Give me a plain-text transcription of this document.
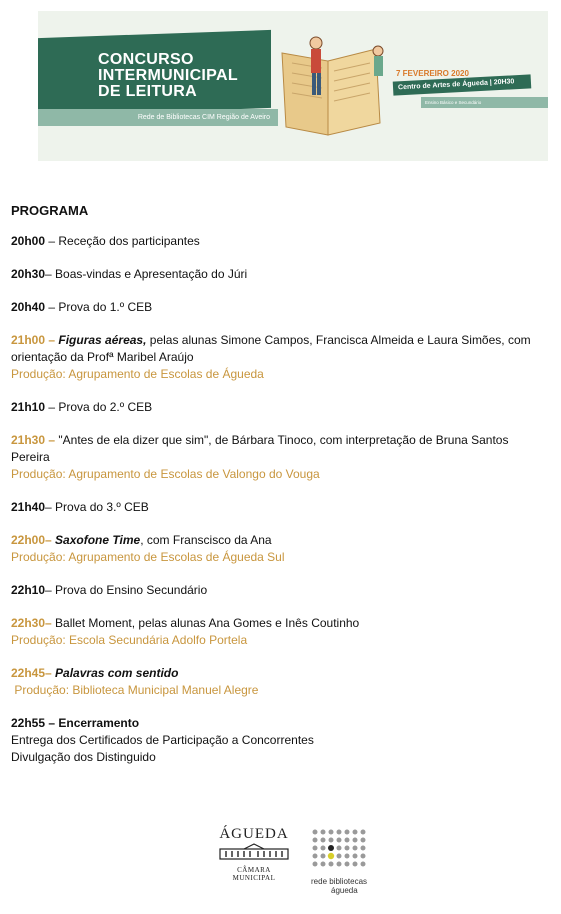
CONCURSO
INTERMUNICIPAL
DE LEITURA
Rede de Bibliotecas CIM Região de Aveiro
7 FEVEREIRO 2020
Centro de Artes de Águeda | 20H30
Ensino Básico e Secundário
PROGRAMA
20h00 – Receção dos participantes
20h30– Boas-vindas e Apresentação do Júri
20h40 – Prova do 1.º CEB
21h00 – Figuras aéreas, pelas alunas Simone Campos, Francisca Almeida e Laura Simões, com
orientação da Profª Maribel Araújo
Produção: Agrupamento de Escolas de Águeda
21h10 – Prova do 2.º CEB
21h30 – "Antes de ela dizer que sim", de Bárbara Tinoco, com interpretação de Bruna Santos
Pereira
Produção: Agrupamento de Escolas de Valongo do Vouga
21h40– Prova do 3.º CEB
22h00– Saxofone Time, com Franscisco da Ana
Produção: Agrupamento de Escolas de Águeda Sul
22h10– Prova do Ensino Secundário
22h30– Ballet Moment, pelas alunas Ana Gomes e Inês Coutinho
Produção: Escola Secundária Adolfo Portela
22h45– Palavras com sentido
Produção: Biblioteca Municipal Manuel Alegre
22h55 – Encerramento
Entrega dos Certificados de Participação a Concorrentes
Divulgação dos Distinguido
ÁGUEDA
CÂMARA MUNICIPAL	rede bibliotecas
águeda
